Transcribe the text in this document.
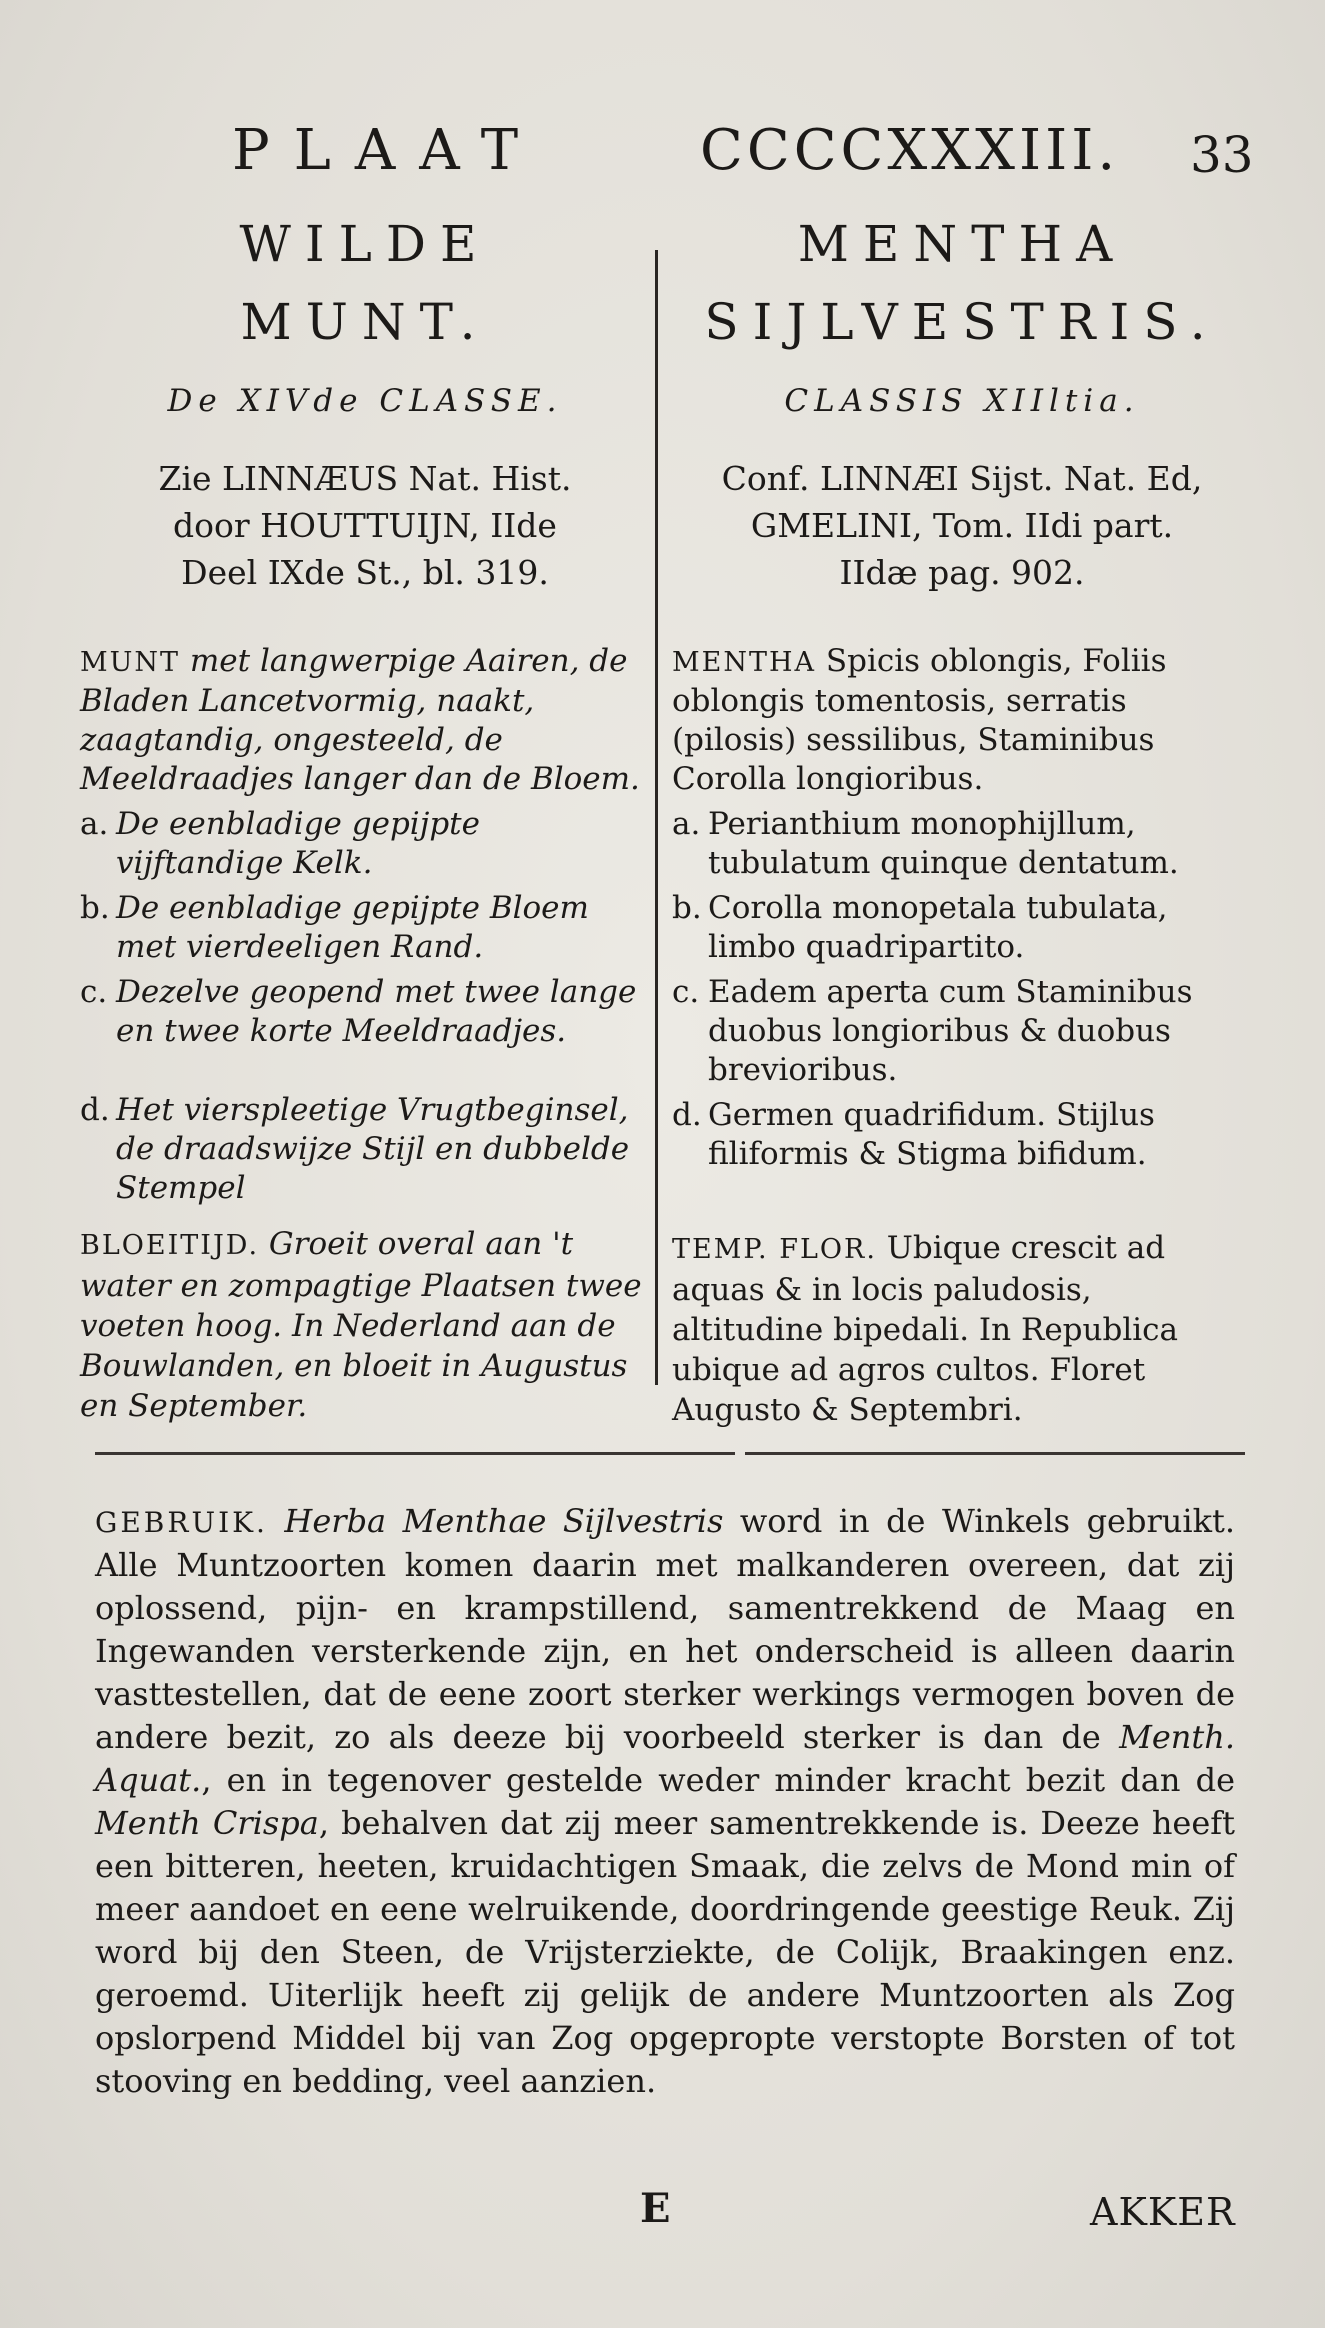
PLAAT	CCCCXXXIII. 33
WILDE
MUNT.
De XIVde CLASSE.
Zie LINNÆUS Nat. Hist.
door HOUTTUIJN, IIde
Deel IXde St., bl. 319.
MUNT met langwerpige Aairen, de Bladen Lancetvormig, naakt, zaagtandig, ongesteeld, de Meeldraadjes langer dan de Bloem.
a. De eenbladige gepijpte vijftandige Kelk.
b. De eenbladige gepijpte Bloem met vierdeeligen Rand.
c. Dezelve geopend met twee lange en twee korte Meeldraadjes.
d. Het vierspleetige Vrugtbeginsel, de draadswijze Stijl en dubbelde Stempel
BLOEITIJD. Groeit overal aan 't water en zompagtige Plaatsen twee voeten hoog. In Nederland aan de Bouwlanden, en bloeit in Augustus en September.
MENTHA
SIJLVESTRIS.
CLASSIS XIIltia.
Conf. LINNÆI Sijst. Nat. Ed,
GMELINI, Tom. IIdi part.
IIdæ pag. 902.
MENTHA Spicis oblongis, Foliis oblongis tomentosis, serratis (pilosis) sessilibus, Staminibus Corolla longioribus.
a. Perianthium monophijllum, tubulatum quinque dentatum.
b. Corolla monopetala tubulata, limbo quadripartito.
c. Eadem aperta cum Staminibus duobus longioribus & duobus brevioribus.
d. Germen quadrifidum. Stijlus filiformis & Stigma bifidum.
TEMP. FLOR. Ubique crescit ad aquas & in locis paludosis, altitudine bipedali. In Republica ubique ad agros cultos. Floret Augusto & Septembri.
GEBRUIK. Herba Menthae Sijlvestris word in de Winkels gebruikt. Alle Muntzoorten komen daarin met malkanderen overeen, dat zij oplossend, pijn- en krampstillend, samentrekkend de Maag en Ingewanden versterkende zijn, en het onderscheid is alleen daarin vasttestellen, dat de eene zoort sterker werkings vermogen boven de andere bezit, zo als deeze bij voorbeeld sterker is dan de Menth. Aquat., en in tegenover gestelde weder minder kracht bezit dan de Menth Crispa, behalven dat zij meer samentrekkende is. Deeze heeft een bitteren, heeten, kruidachtigen Smaak, die zelvs de Mond min of meer aandoet en eene welruikende, doordringende geestige Reuk. Zij word bij den Steen, de Vrijsterziekte, de Colijk, Braakingen enz. geroemd. Uiterlijk heeft zij gelijk de andere Muntzoorten als Zog opslorpend Middel bij van Zog opgepropte verstopte Borsten of tot stooving en bedding, veel aanzien.
E	AKKER
